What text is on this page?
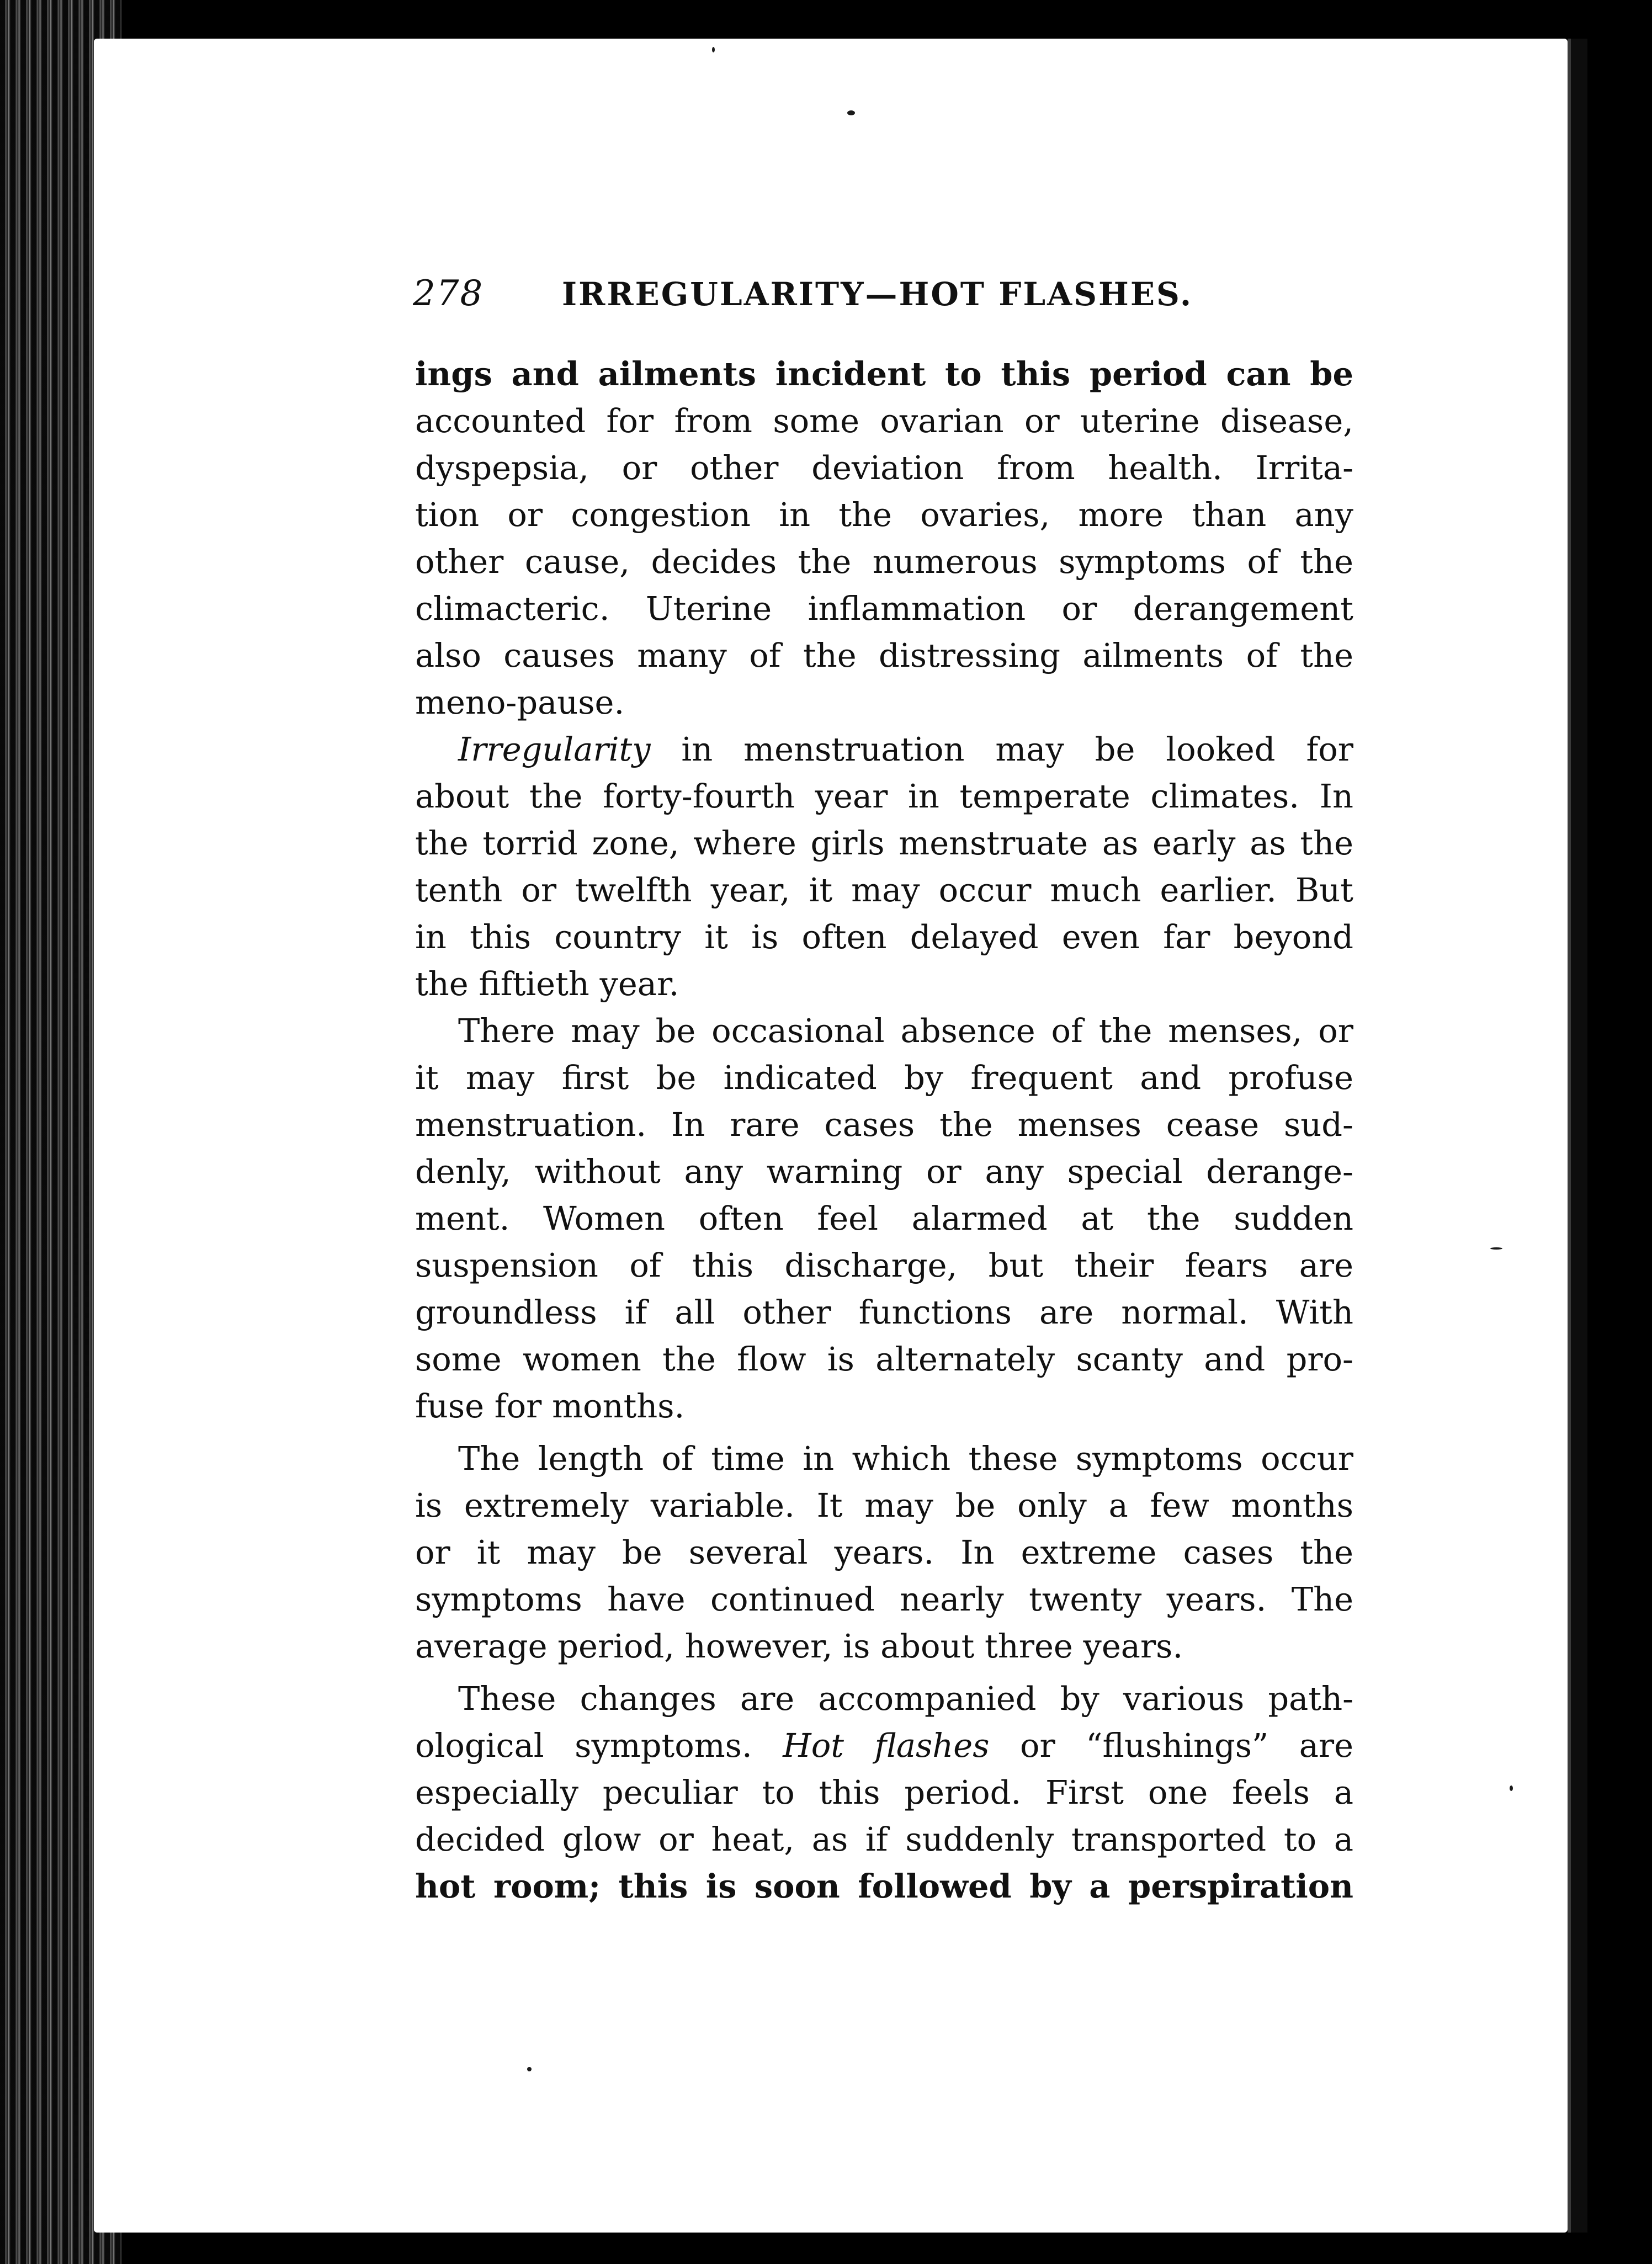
278 IRREGULARITY—HOT FLASHES.
ings and ailments incident to this period can be
accounted for from some ovarian or uterine disease,
dyspepsia, or other deviation from health. Irrita-
tion or congestion in the ovaries, more than any
other cause, decides the numerous symptoms of the
climacteric. Uterine inflammation or derangement
also causes many of the distressing ailments of the
meno-pause.
Irregularity in menstruation may be looked for
about the forty-fourth year in temperate climates. In
the torrid zone, where girls menstruate as early as the
tenth or twelfth year, it may occur much earlier. But
in this country it is often delayed even far beyond
the fiftieth year.
There may be occasional absence of the menses, or
it may first be indicated by frequent and profuse
menstruation. In rare cases the menses cease sud-
denly, without any warning or any special derange-
ment. Women often feel alarmed at the sudden
suspension of this discharge, but their fears are
groundless if all other functions are normal. With
some women the flow is alternately scanty and pro-
fuse for months.
The length of time in which these symptoms occur
is extremely variable. It may be only a few months
or it may be several years. In extreme cases the
symptoms have continued nearly twenty years. The
average period, however, is about three years.
These changes are accompanied by various path-
ological symptoms. Hot flashes or “flushings” are
especially peculiar to this period. First one feels a
decided glow or heat, as if suddenly transported to a
hot room; this is soon followed by a perspiration
